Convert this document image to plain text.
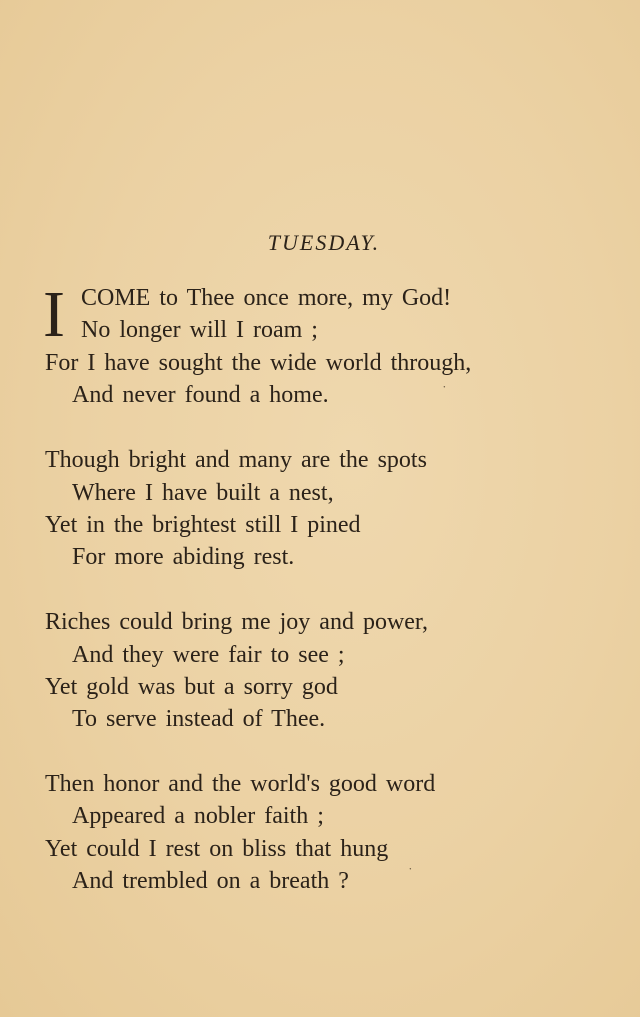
TUESDAY.
I COME to Thee once more, my God!
No longer will I roam ;
For I have sought the wide world through,
And never found a home.
Though bright and many are the spots
Where I have built a nest,
Yet in the brightest still I pined
For more abiding rest.
Riches could bring me joy and power,
And they were fair to see ;
Yet gold was but a sorry god
To serve instead of Thee.
Then honor and the world's good word
Appeared a nobler faith ;
Yet could I rest on bliss that hung
And trembled on a breath ?
˙
˙
